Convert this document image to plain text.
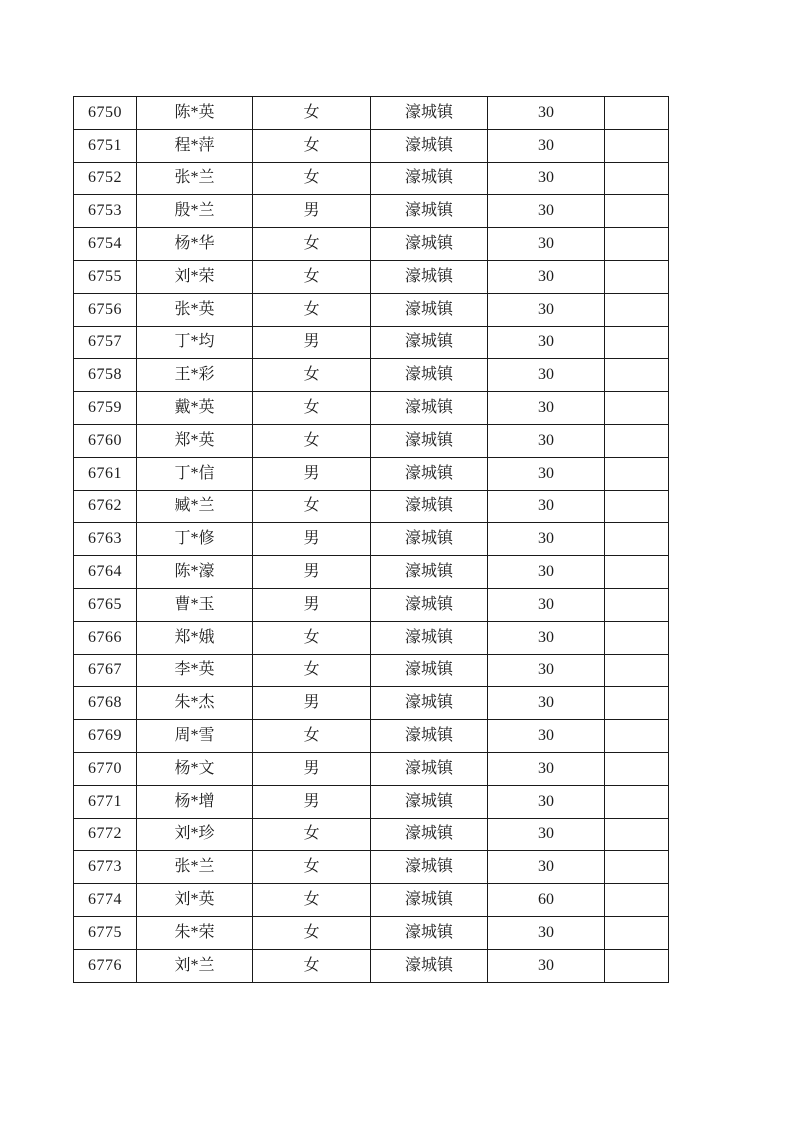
6750	陈*英	女	濠城镇	30	
6751	程*萍	女	濠城镇	30	
6752	张*兰	女	濠城镇	30	
6753	殷*兰	男	濠城镇	30	
6754	杨*华	女	濠城镇	30	
6755	刘*荣	女	濠城镇	30	
6756	张*英	女	濠城镇	30	
6757	丁*均	男	濠城镇	30	
6758	王*彩	女	濠城镇	30	
6759	戴*英	女	濠城镇	30	
6760	郑*英	女	濠城镇	30	
6761	丁*信	男	濠城镇	30	
6762	臧*兰	女	濠城镇	30	
6763	丁*修	男	濠城镇	30	
6764	陈*濠	男	濠城镇	30	
6765	曹*玉	男	濠城镇	30	
6766	郑*娥	女	濠城镇	30	
6767	李*英	女	濠城镇	30	
6768	朱*杰	男	濠城镇	30	
6769	周*雪	女	濠城镇	30	
6770	杨*文	男	濠城镇	30	
6771	杨*增	男	濠城镇	30	
6772	刘*珍	女	濠城镇	30	
6773	张*兰	女	濠城镇	30	
6774	刘*英	女	濠城镇	60	
6775	朱*荣	女	濠城镇	30	
6776	刘*兰	女	濠城镇	30	
